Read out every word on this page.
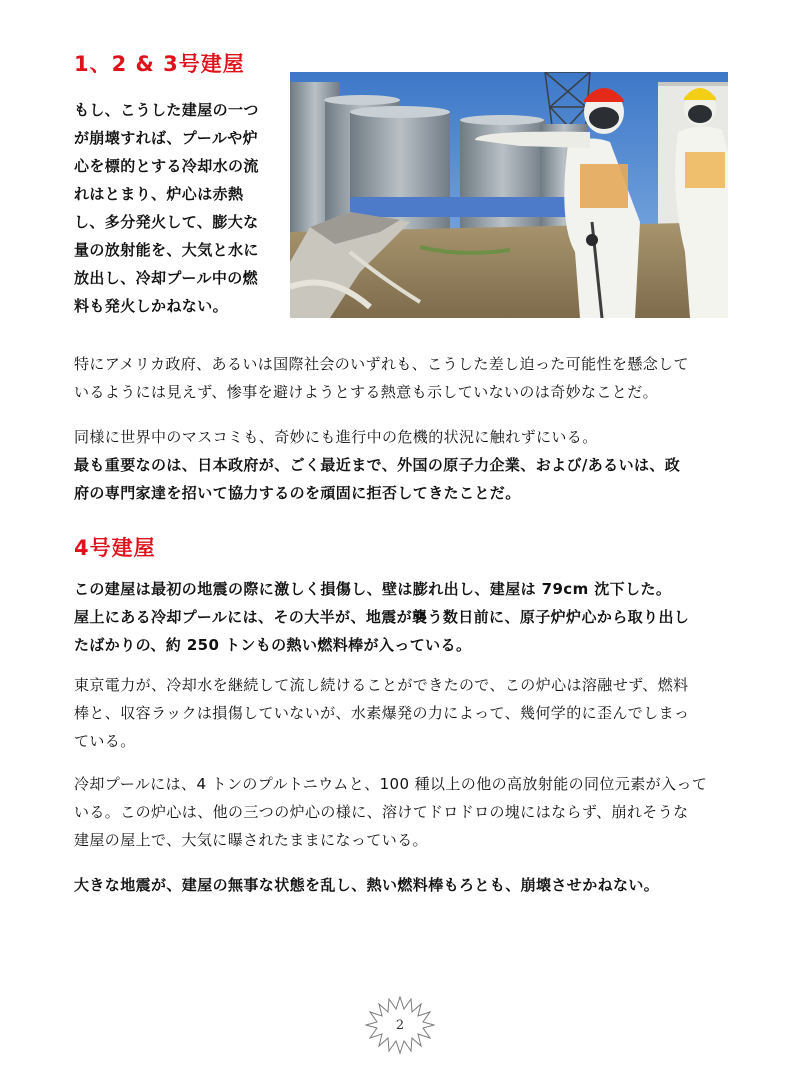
1、2 & 3号建屋
もし、こうした建屋の一つ
が崩壊すれば、プールや炉
心を標的とする冷却水の流
れはとまり、炉心は赤熱
し、多分発火して、膨大な
量の放射能を、大気と水に
放出し、冷却プール中の燃
料も発火しかねない。
特にアメリカ政府、あるいは国際社会のいずれも、こうした差し迫った可能性を懸念して
いるようには見えず、惨事を避けようとする熱意も示していないのは奇妙なことだ。
同様に世界中のマスコミも、奇妙にも進行中の危機的状況に触れずにいる。
最も重要なのは、日本政府が、ごく最近まで、外国の原子力企業、および/あるいは、政
府の専門家達を招いて協力するのを頑固に拒否してきたことだ。
4号建屋
この建屋は最初の地震の際に激しく損傷し、壁は膨れ出し、建屋は 79cm 沈下した。
屋上にある冷却プールには、その大半が、地震が襲う数日前に、原子炉炉心から取り出し
たばかりの、約 250 トンもの熱い燃料棒が入っている。
東京電力が、冷却水を継続して流し続けることができたので、この炉心は溶融せず、燃料
棒と、収容ラックは損傷していないが、水素爆発の力によって、幾何学的に歪んでしまっ
ている。
冷却プールには、4 トンのプルトニウムと、100 種以上の他の高放射能の同位元素が入って
いる。この炉心は、他の三つの炉心の様に、溶けてドロドロの塊にはならず、崩れそうな
建屋の屋上で、大気に曝されたままになっている。
大きな地震が、建屋の無事な状態を乱し、熱い燃料棒もろとも、崩壊させかねない。
2
